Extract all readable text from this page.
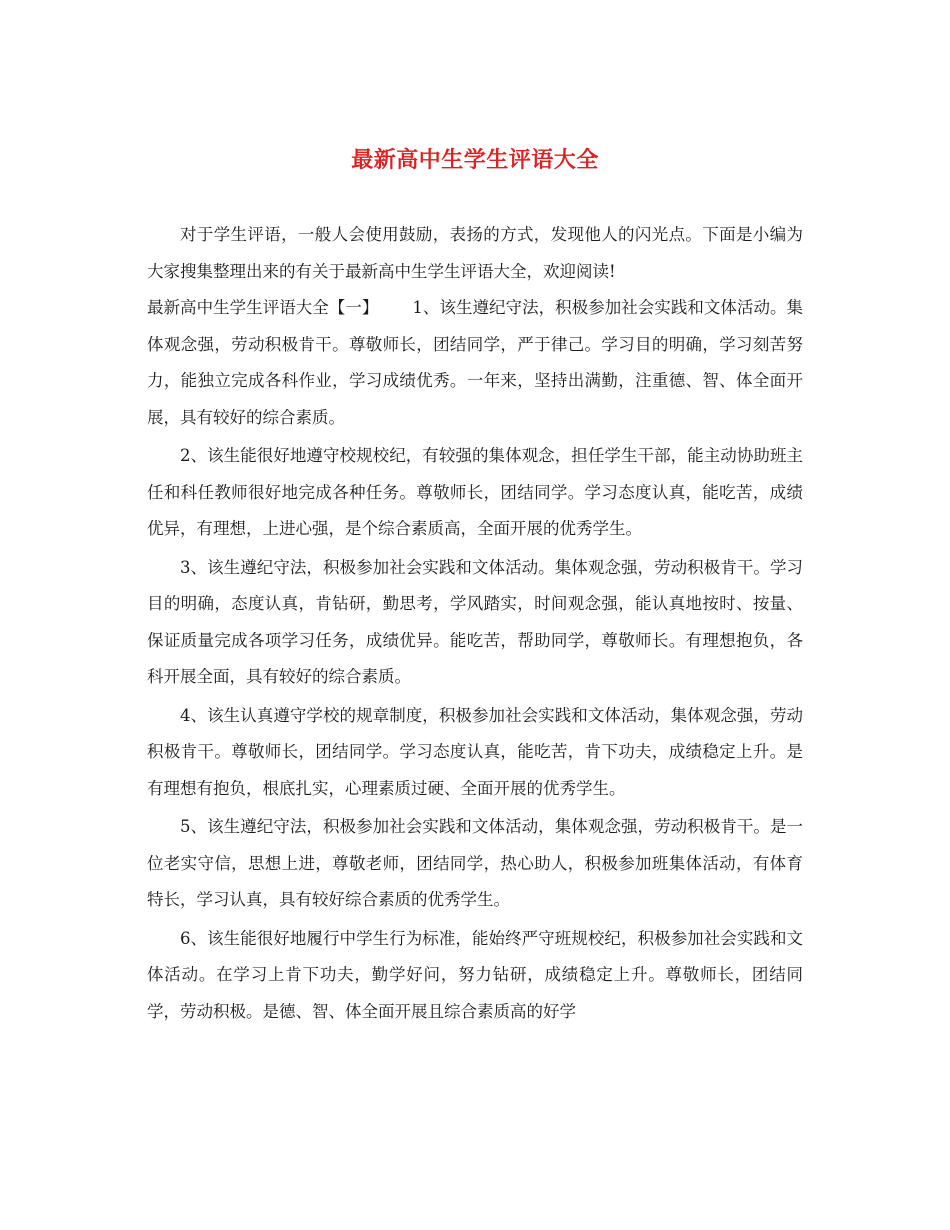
最新高中生学生评语大全

对于学生评语，一般人会使用鼓励，表扬的方式，发现他人的闪光点。下面是小编为大家搜集整理出来的有关于最新高中生学生评语大全，欢迎阅读!

最新高中生学生评语大全【一】 1、该生遵纪守法，积极参加社会实践和文体活动。集体观念强，劳动积极肯干。尊敬师长，团结同学，严于律己。学习目的明确，学习刻苦努力，能独立完成各科作业，学习成绩优秀。一年来，坚持出满勤，注重德、智、体全面开展，具有较好的综合素质。

2、该生能很好地遵守校规校纪，有较强的集体观念，担任学生干部，能主动协助班主任和科任教师很好地完成各种任务。尊敬师长，团结同学。学习态度认真，能吃苦，成绩优异，有理想，上进心强，是个综合素质高，全面开展的优秀学生。

3、该生遵纪守法，积极参加社会实践和文体活动。集体观念强，劳动积极肯干。学习目的明确，态度认真，肯钻研，勤思考，学风踏实，时间观念强，能认真地按时、按量、保证质量完成各项学习任务，成绩优异。能吃苦，帮助同学，尊敬师长。有理想抱负，各科开展全面，具有较好的综合素质。

4、该生认真遵守学校的规章制度，积极参加社会实践和文体活动，集体观念强，劳动积极肯干。尊敬师长，团结同学。学习态度认真，能吃苦，肯下功夫，成绩稳定上升。是有理想有抱负，根底扎实，心理素质过硬、全面开展的优秀学生。

5、该生遵纪守法，积极参加社会实践和文体活动，集体观念强，劳动积极肯干。是一位老实守信，思想上进，尊敬老师，团结同学，热心助人，积极参加班集体活动，有体育特长，学习认真，具有较好综合素质的优秀学生。

6、该生能很好地履行中学生行为标准，能始终严守班规校纪，积极参加社会实践和文体活动。在学习上肯下功夫，勤学好问，努力钻研，成绩稳定上升。尊敬师长，团结同学，劳动积极。是德、智、体全面开展且综合素质高的好学
